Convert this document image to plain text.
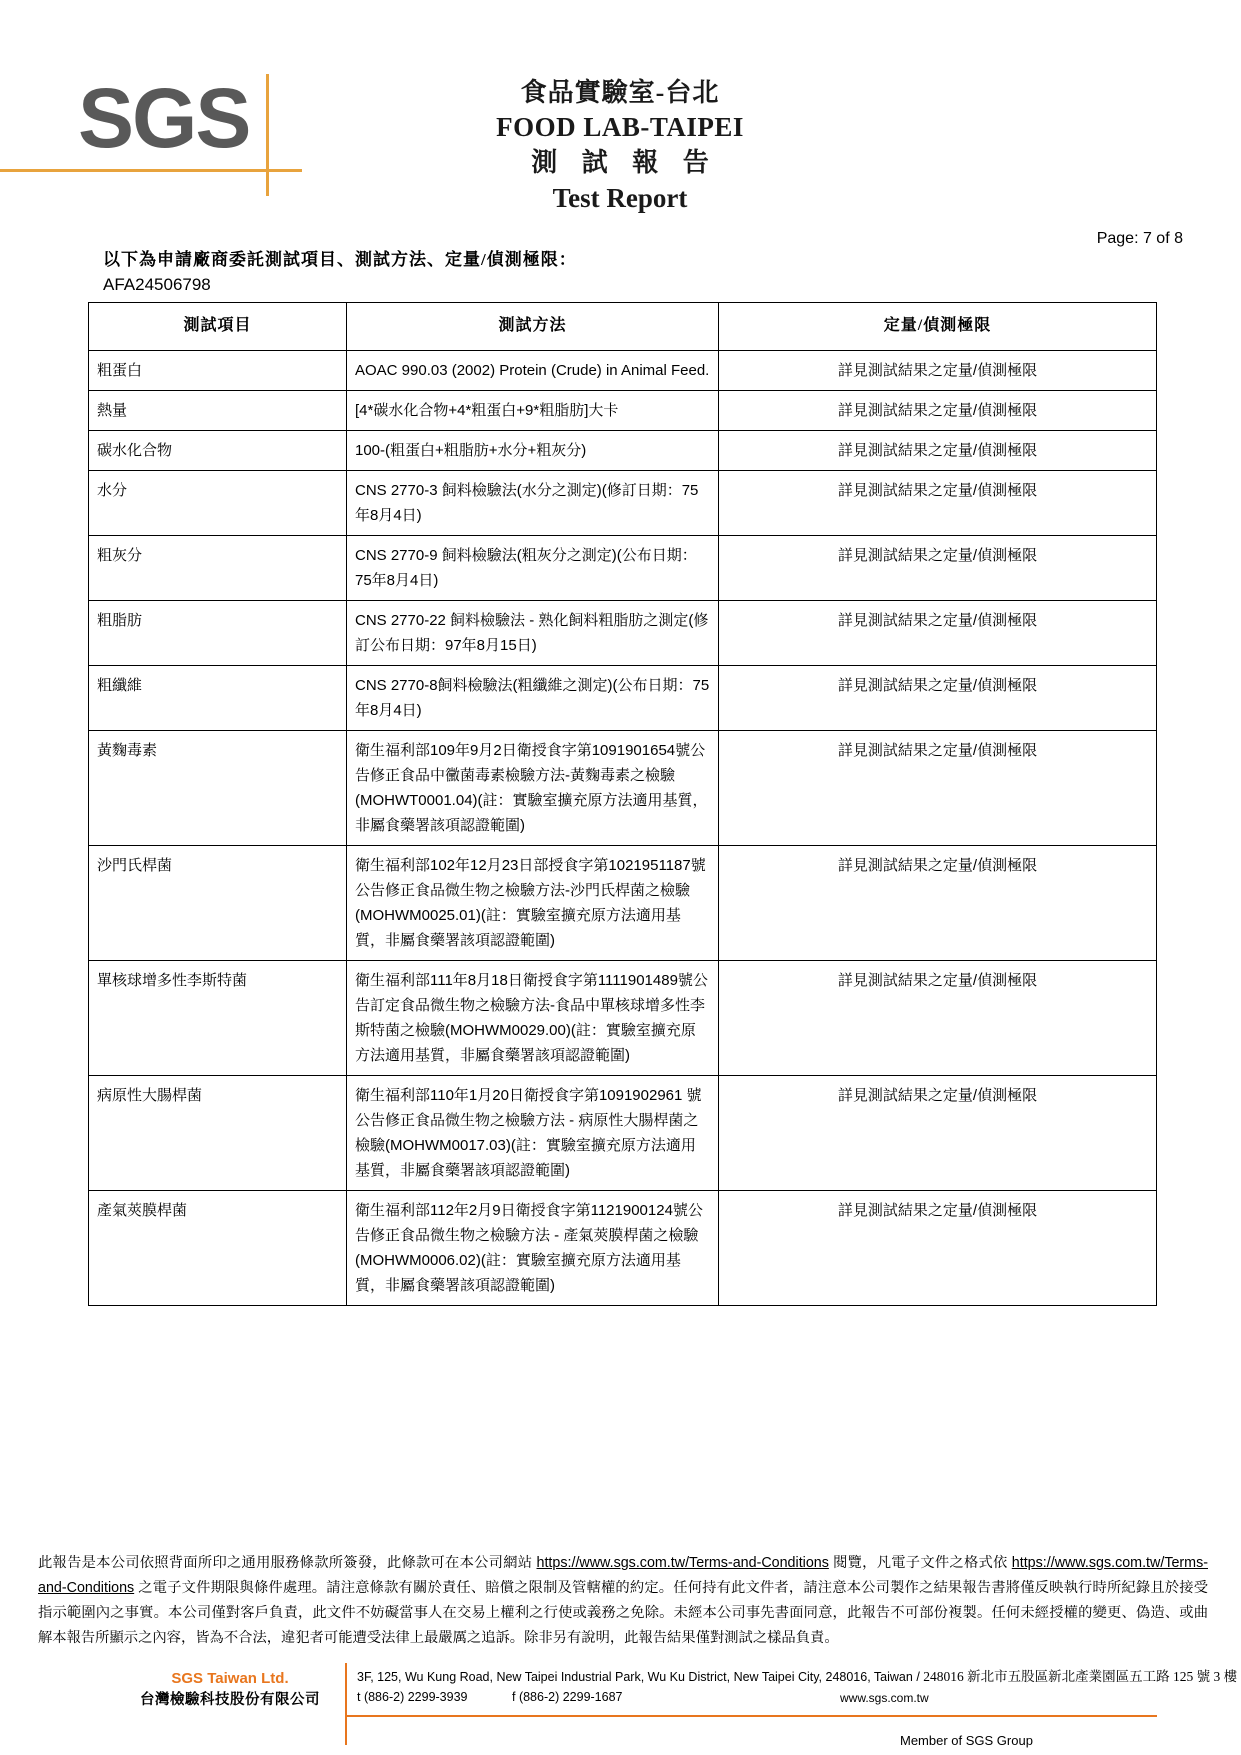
SGS	食品實驗室-台北
FOOD LAB-TAIPEI
測 試 報 告
Test Report
Page: 7 of 8
以下為申請廠商委託測試項目、測試方法、定量/偵測極限：
AFA24506798
測試項目	測試方法	定量/偵測極限
粗蛋白	AOAC 990.03 (2002) Protein (Crude) in Animal Feed.	詳見測試結果之定量/偵測極限
熱量	[4*碳水化合物+4*粗蛋白+9*粗脂肪]大卡	詳見測試結果之定量/偵測極限
碳水化合物	100-(粗蛋白+粗脂肪+水分+粗灰分)	詳見測試結果之定量/偵測極限
水分	CNS 2770-3 飼料檢驗法(水分之測定)(修訂日期：75年8月4日)	詳見測試結果之定量/偵測極限
粗灰分	CNS 2770-9 飼料檢驗法(粗灰分之測定)(公布日期：75年8月4日)	詳見測試結果之定量/偵測極限
粗脂肪	CNS 2770-22 飼料檢驗法 - 熟化飼料粗脂肪之測定(修訂公布日期：97年8月15日)	詳見測試結果之定量/偵測極限
粗纖維	CNS 2770-8飼料檢驗法(粗纖維之測定)(公布日期：75年8月4日)	詳見測試結果之定量/偵測極限
黃麴毒素	衛生福利部109年9月2日衛授食字第1091901654號公告修正食品中黴菌毒素檢驗方法-黃麴毒素之檢驗(MOHWT0001.04)(註：實驗室擴充原方法適用基質，非屬食藥署該項認證範圍)	詳見測試結果之定量/偵測極限
沙門氏桿菌	衛生福利部102年12月23日部授食字第1021951187號公告修正食品微生物之檢驗方法-沙門氏桿菌之檢驗(MOHWM0025.01)(註：實驗室擴充原方法適用基質，非屬食藥署該項認證範圍)	詳見測試結果之定量/偵測極限
單核球增多性李斯特菌	衛生福利部111年8月18日衛授食字第1111901489號公告訂定食品微生物之檢驗方法-食品中單核球增多性李斯特菌之檢驗(MOHWM0029.00)(註：實驗室擴充原方法適用基質，非屬食藥署該項認證範圍)	詳見測試結果之定量/偵測極限
病原性大腸桿菌	衛生福利部110年1月20日衛授食字第1091902961 號公告修正食品微生物之檢驗方法 - 病原性大腸桿菌之檢驗(MOHWM0017.03)(註：實驗室擴充原方法適用基質，非屬食藥署該項認證範圍)	詳見測試結果之定量/偵測極限
產氣莢膜桿菌	衛生福利部112年2月9日衛授食字第1121900124號公告修正食品微生物之檢驗方法 - 產氣莢膜桿菌之檢驗(MOHWM0006.02)(註：實驗室擴充原方法適用基質，非屬食藥署該項認證範圍)	詳見測試結果之定量/偵測極限
此報告是本公司依照背面所印之通用服務條款所簽發，此條款可在本公司網站 https://www.sgs.com.tw/Terms-and-Conditions 閱覽，凡電子文件之格式依 https://www.sgs.com.tw/Terms-and-Conditions 之電子文件期限與條件處理。請注意條款有關於責任、賠償之限制及管轄權的約定。任何持有此文件者，請注意本公司製作之結果報告書將僅反映執行時所紀錄且於接受指示範圍內之事實。本公司僅對客戶負責，此文件不妨礙當事人在交易上權利之行使或義務之免除。未經本公司事先書面同意，此報告不可部份複製。任何未經授權的變更、偽造、或曲解本報告所顯示之內容，皆為不合法，違犯者可能遭受法律上最嚴厲之追訴。除非另有說明，此報告結果僅對測試之樣品負責。
SGS Taiwan Ltd.
台灣檢驗科技股份有限公司
3F, 125, Wu Kung Road, New Taipei Industrial Park, Wu Ku District, New Taipei City, 248016, Taiwan / 248016 新北市五股區新北產業園區五工路 125 號 3 樓
t (886-2) 2299-3939	f (886-2) 2299-1687	www.sgs.com.tw
Member of SGS Group
